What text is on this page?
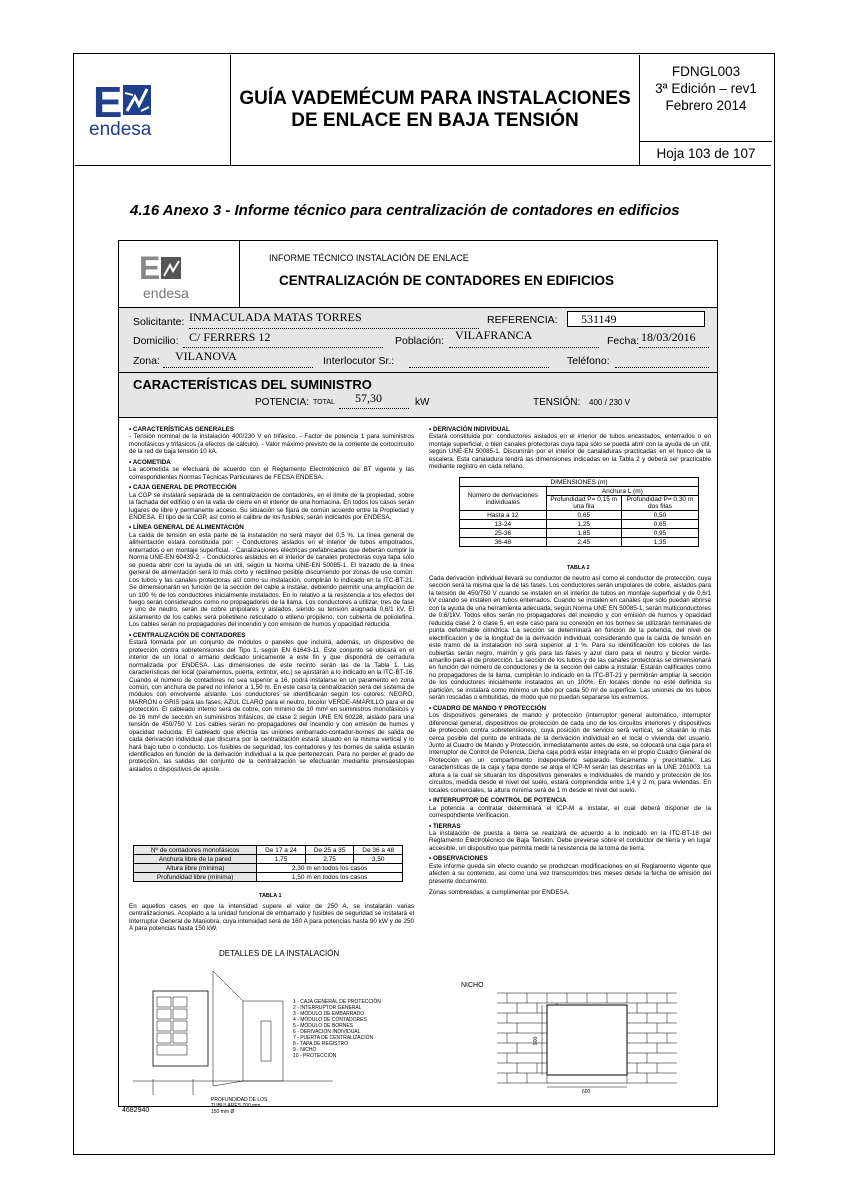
E
endesa
GUÍA VADEMÉCUM PARA INSTALACIONES DE ENLACE EN BAJA TENSIÓN
FDNGL003
3ª Edición – rev1
Febrero 2014
Hoja 103 de 107
4.16 Anexo 3 - Informe técnico para centralización de contadores en edificios
E
endesa
INFORME TÉCNICO INSTALACIÓN DE ENLACE
CENTRALIZACIÓN DE CONTADORES EN EDIFICIOS
Solicitante: INMACULADA MATAS TORRES	REFERENCIA: 531149
Domicilio: C/ FERRERS 12	Población: VILAFRANCA	Fecha: 18/03/2016
Zona: VILANOVA	Interlocutor Sr.:	Teléfono:
CARACTERÍSTICAS DEL SUMINISTRO
POTENCIA: TOTAL 57,30	kW	TENSIÓN: 400 / 230 V

• CARACTERÍSTICAS GENERALES

- Tensión nominal de la instalación 400/230 V en trifásico. - Factor de potencia 1 para suministros monofásicos y trifásicos (a efectos de cálculo). - Valor máximo previsto de la corriente de cortocircuito de la red de baja tensión 10 kA.

• ACOMETIDA

La acometida se efectuará de acuerdo con el Reglamento Electrotécnico de BT vigente y las correspondientes Normas Técnicas Particulares de FECSA ENDESA.

• CAJA GENERAL DE PROTECCIÓN

La CGP se instalará separada de la centralización de contadores, en el límite de la propiedad, sobre la fachada del edificio o en la valla de cierre en el interior de una hornacina. En todos los casos serán lugares de libre y permanente acceso. Su situación se fijará de común acuerdo entre la Propiedad y ENDESA. El tipo de la CGP, así como el calibre de los fusibles, serán indicados por ENDESA.

• LÍNEA GENERAL DE ALIMENTACIÓN

La caída de tensión en esta parte de la instalación no será mayor del 0,5 %. La línea general de alimentación estará constituida por: - Conductores aislados en el interior de tubos empotrados, enterrados o en montaje superficial. - Canalizaciones eléctricas prefabricadas que deberán cumplir la Norma UNE-EN 60439-2. - Conductores aislados en el interior de canales protectoras cuya tapa sólo se pueda abrir con la ayuda de un útil, según la Norma UNE-EN 50085-1. El trazado de la línea general de alimentación será lo más corto y rectilíneo posible discurriendo por zonas de uso común. Los tubos y las canales protectoras así como su instalación, cumplirán lo indicado en la ITC-BT-21. Se dimensionarán en función de la sección del cable a instalar, debiendo permitir una ampliación de un 100 % de los conductores inicialmente instalados. En lo relativo a la resistencia a los efectos del fuego serán considerados como no propagadores de la llama. Los conductores a utilizar, tres de fase y uno de neutro, serán de cobre unipolares y aislados, siendo su tensión asignada 0,6/1 kV. El aislamiento de los cables será polietileno reticulado o etileno propileno, con cubierta de poliolefina. Los cables serán no propagadores del incendio y con emisión de humos y opacidad reducida.

• CENTRALIZACIÓN DE CONTADORES

Estará formada por un conjunto de módulos o paneles que incluirá, además, un dispositivo de protección contra sobretensiones del Tipo 1, según EN 61643-11. Este conjunto se ubicará en el interior de un local o armario dedicado únicamente a este fin y que dispondrá de cerradura normalizada por ENDESA. Las dimensiones de este recinto serán las de la Tabla 1. Las características del local (paramentos, puerta, extintor, etc.) se ajustarán a lo indicado en la ITC-BT-16. Cuando el número de contadores no sea superior a 16, podrá instalarse en un paramento en zona común, con anchura de pared no inferior a 1,50 m. En este caso la centralización será del sistema de módulos con envolvente aislante. Los conductores se identificarán según los colores: NEGRO, MARRÓN o GRIS para las fases, AZUL CLARO para el neutro, bicolor VERDE-AMARILLO para el de protección. El cableado interno será de cobre, con mínimo de 10 mm² en suministros monofásicos y de 16 mm² de sección en suministros trifásicos, de clase 2 según UNE EN 60228, aislado para una tensión de 450/750 V. Los cables serán no propagadores del incendio y con emisión de humos y opacidad reducida. El cableado que efectúa las uniones embarrado-contador-bornes de salida de cada derivación individual que discurra por la centralización estará situado en la misma vertical y lo hará bajo tubo o conducto. Los fusibles de seguridad, los contadores y los bornes de salida estarán identificados en función de la derivación individual a la que pertenezcan. Para no perder el grado de protección, las salidas del conjunto de la centralización se efectuarán mediante prensaestopas aislados o dispositivos de ajuste.

Nº de contadores monofásicos	De 17 a 24	De 25 a 35	De 36 a 48
Anchura libre de la pared	1,75	2,75	3,50
Altura libre (mínima)	2,30 m en todos los casos		
Profundidad libre (mínima)	1,50 m en todos los casos		
TABLA 1

En aquellos casos en que la intensidad supere el valor de 250 A, se instalarán varias centralizaciones. Acoplado a la unidad funcional de embarrado y fusibles de seguridad se instalará el Interruptor General de Maniobra, cuya intensidad será de 160 A para potencias hasta 90 kW y de 250 A para potencias hasta 150 kW.

DETALLES DE LA INSTALACIÓN
1 - CAJA GENERAL DE PROTECCIÓN
2 - INTERRUPTOR GENERAL
3 - MÓDULO DE EMBARRADO
4 - MÓDULO DE CONTADORES
5 - MÓDULO DE BORNES
6 - DERIVACIÓN INDIVIDUAL
7 - PUERTA DE CENTRALIZACIÓN
8 - TAPA DE REGISTRO
9 - NICHO
10 - PROTECCIÓN
PROFUNDIDAD DE LOS TUBULARES 700 mm. 150 mm Ø

• DERIVACIÓN INDIVIDUAL

Estará constituida por: conductores aislados en el interior de tubos encastados, enterrados o en montaje superficial, o bien canales protectoras cuya tapa sólo se pueda abrir con la ayuda de un útil, según UNE-EN 50085-1. Discurrirán por el interior de canaladuras practicadas en el hueco de la escalera. Esta canaladura tendrá las dimensiones indicadas en la Tabla 2 y deberá ser practicable mediante registro en cada rellano.

DIMENSIONES (m)		
Número de derivaciones individuales	Anchura L (m)	
	Profundidad P= 0,15 m una fila	Profundidad P= 0,30 m dos filas
Hasta a 12	0,65	0,50
13-24	1,25	0,65
25-36	1,85	0,95
36-48	2,45	1,35
TABLA 2

Cada derivación individual llevará su conductor de neutro así como el conductor de protección, cuya sección será la misma que la de las fases. Los conductores serán unipolares de cobre, aislados para la tensión de 450/750 V cuando se instalen en el interior de tubos en montaje superficial y de 0,6/1 kV cuando se instalen en tubos enterrados. Cuando se instalen en canales que sólo puedan abrirse con la ayuda de una herramienta adecuada, según Norma UNE EN 50085-1, serán multiconductores de 0,6/1kV. Todos ellos serán no propagadores del incendio y con emisión de humos y opacidad reducida clase 2 o clase 5, en este caso para su conexión en los bornes se utilizarán terminales de punta deformable cilíndrica. La sección se determinará en función de la potencia, del nivel de electrificación y de la longitud de la derivación individual, considerando que la caída de tensión en este tramo de la instalación no será superior al 1 %. Para su identificación los colores de las cubiertas serán negro, marrón y gris para las fases y azul claro para el neutro y bicolor verde-amarillo para el de protección. La sección de los tubos y de las canales protectoras se dimensionará en función del número de conductores y de la sección del cable a instalar. Estarán calificados como no propagadores de la llama, cumplirán lo indicado en la ITC-BT-21 y permitirán ampliar la sección de los conductores inicialmente instalados en un 100%. En locales donde no esté definida su partición, se instalará como mínimo un tubo por cada 50 m² de superficie. Las uniones de los tubos serán roscadas o embutidas, de modo que no puedan separarse los extremos.

• CUADRO DE MANDO Y PROTECCIÓN

Los dispositivos generales de mando y protección (interruptor general automático, interruptor diferencial general, dispositivos de protección de cada uno de los circuitos interiores y dispositivos de protección contra sobretensiones), cuya posición de servicio será vertical, se situarán lo más cerca posible del punto de entrada de la derivación individual en el local o vivienda del usuario. Junto al Cuadro de Mando y Protección, inmediatamente antes de este, se colocará una caja para el Interruptor de Control de Potencia. Dicha caja podrá estar integrada en el propio Cuadro General de Protección en un compartimento independiente separado físicamente y precintable. Las características de la caja y tapa donde se aloja el ICP-M serán las descritas en la UNE 201003. La altura a la cual se situarán los dispositivos generales e individuales de mando y protección de los circuitos, medida desde el nivel del suelo, estará comprendida entre 1,4 y 2 m, para viviendas. En locales comerciales, la altura mínima será de 1 m desde el nivel del suelo.

• INTERRUPTOR DE CONTROL DE POTENCIA

La potencia a contratar determinará el ICP-M a instalar, el cual deberá disponer de la correspondiente Verificación.

• TIERRAS

La instalación de puesta a tierra se realizará de acuerdo a lo indicado en la ITC-BT-18 del Reglamento Electrotécnico de Baja Tensión. Debe preverse sobre el conductor de tierra y en lugar accesible, un dispositivo que permita medir la resistencia de la toma de tierra.

• OBSERVACIONES

Este informe queda sin efecto cuando se produzcan modificaciones en el Reglamento vigente que afecten a su contenido, así como una vez transcurridos tres meses desde la fecha de emisión del presente documento.

Zonas sombreadas, a cumplimentar por ENDESA.

NICHO
900
600
4682940
